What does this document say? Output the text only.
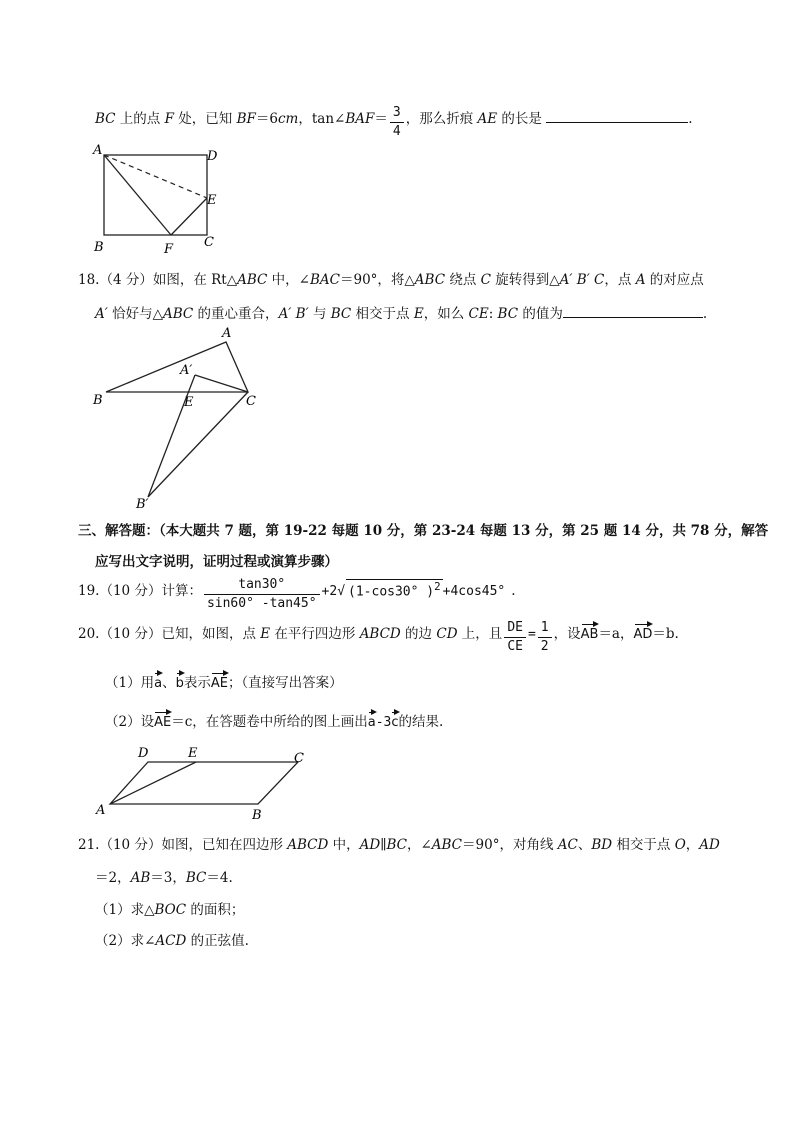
BC 上的点 F 处，已知 BF＝6cm，tan∠BAF＝ $\frac{3}{4}$ ，那么折痕 AE 的长是	.
A	D
E
B	F C
18.（4 分）如图，在 Rt△ABC 中，∠BAC＝90°，将△ABC 绕点 C 旋转得到△A′ B′ C，点 A 的对应点
A′ 恰好与△ABC 的重心重合，A′ B′ 与 BC 相交于点 E，如么 CE: BC 的值为	.
A
A′
B	E	C
B′
三、解答题：（本大题共 7 题，第 19-22 每题 10 分，第 23-24 每题 13 分，第 25 题 14 分，共 78 分，解答
应写出文字说明，证明过程或演算步骤）
19.（10 分）计算： $\frac{\tan 30^\circ}{\sin 60^\circ -\tan 45^\circ} +2√$ (1-cos30° )$^2$ +4cos45° .
20.（10 分）已知，如图，点 E 在平行四边形 ABCD 的边 CD 上，且 $\frac{DE}{CE} = \frac{1}{2}$ ，设AB＝a，AD＝b.
（1）用a、b表示AE；（直接写出答案）
（2）设AE＝c，在答题卷中所给的图上画出a-3c的结果.
D	E	C
A	B
21.（10 分）如图，已知在四边形 ABCD 中，AD∥BC，∠ABC＝90°，对角线 AC、BD 相交于点 O，AD
＝2，AB＝3，BC＝4.
（1）求△BOC 的面积；
（2）求∠ACD 的正弦值.
